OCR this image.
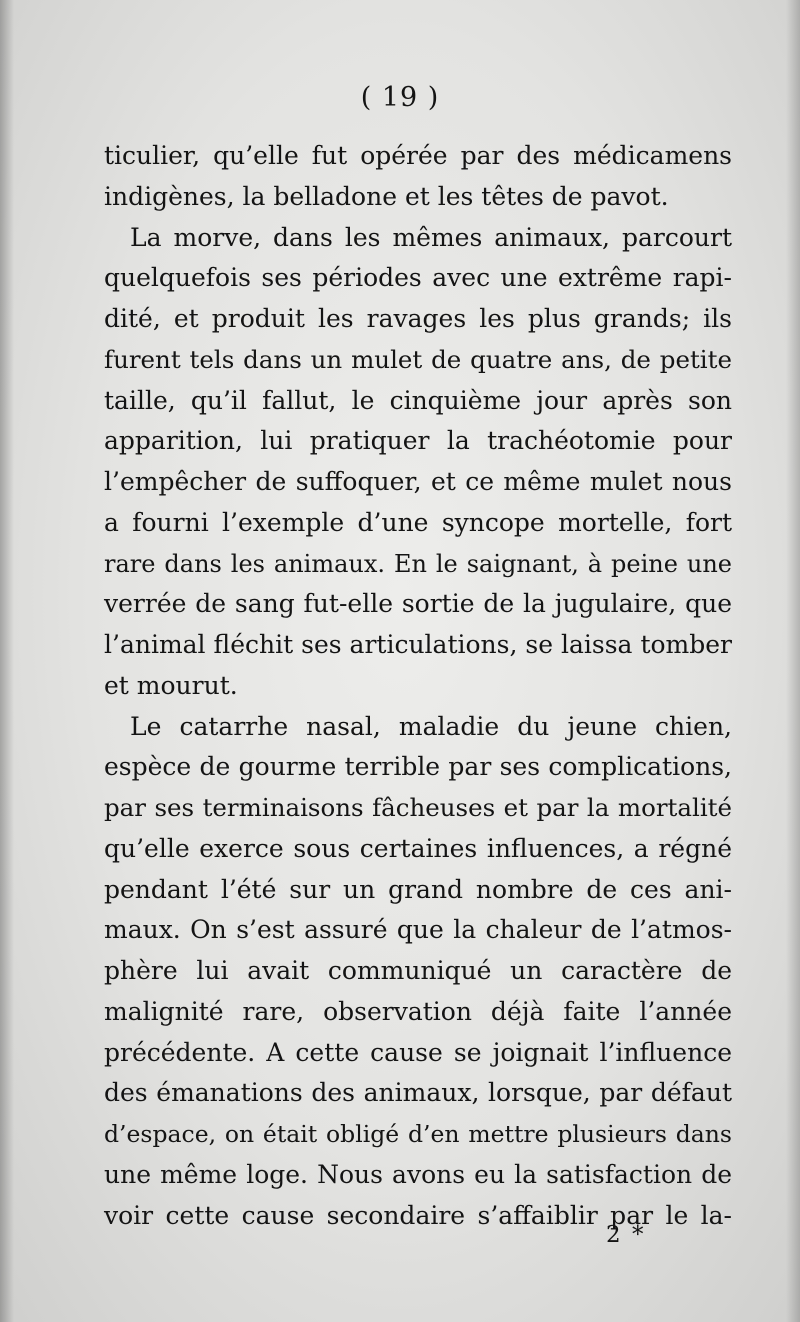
( 19 )
ticulier, qu’elle fut opérée par des médicamens
indigènes, la belladone et les têtes de pavot.
La morve, dans les mêmes animaux, parcourt
quelquefois ses périodes avec une extrême rapi-
dité, et produit les ravages les plus grands; ils
furent tels dans un mulet de quatre ans, de petite
taille, qu’il fallut, le cinquième jour après son
apparition, lui pratiquer la trachéotomie pour
l’empêcher de suffoquer, et ce même mulet nous
a fourni l’exemple d’une syncope mortelle, fort
rare dans les animaux. En le saignant, à peine une
verrée de sang fut-elle sortie de la jugulaire, que
l’animal fléchit ses articulations, se laissa tomber
et mourut.
Le catarrhe nasal, maladie du jeune chien,
espèce de gourme terrible par ses complications,
par ses terminaisons fâcheuses et par la mortalité
qu’elle exerce sous certaines influences, a régné
pendant l’été sur un grand nombre de ces ani-
maux. On s’est assuré que la chaleur de l’atmos-
phère lui avait communiqué un caractère de
malignité rare, observation déjà faite l’année
précédente. A cette cause se joignait l’influence
des émanations des animaux, lorsque, par défaut
d’espace, on était obligé d’en mettre plusieurs dans
une même loge. Nous avons eu la satisfaction de
voir cette cause secondaire s’affaiblir par le la-
2 *
